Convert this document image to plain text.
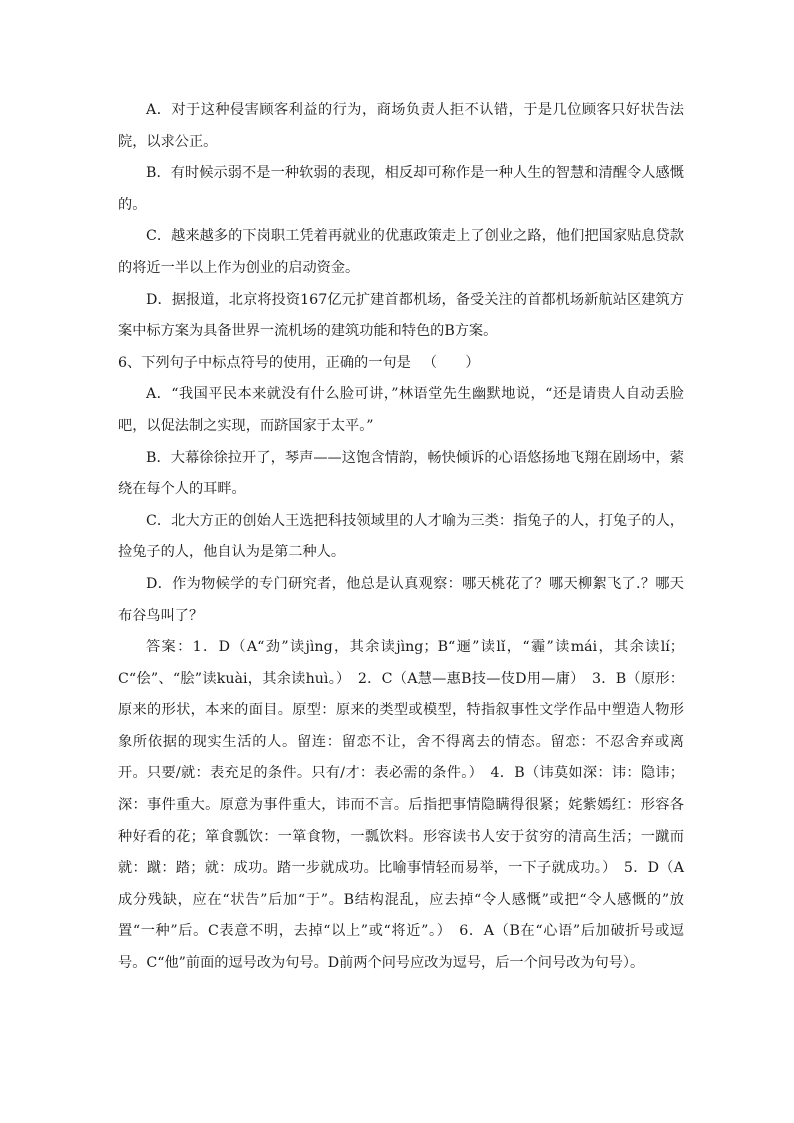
A．对于这种侵害顾客利益的行为，商场负责人拒不认错，于是几位顾客只好状告法院，以求公正。

B．有时候示弱不是一种软弱的表现，相反却可称作是一种人生的智慧和清醒令人感慨的。

C．越来越多的下岗职工凭着再就业的优惠政策走上了创业之路，他们把国家贴息贷款的将近一半以上作为创业的启动资金。

D．据报道，北京将投资167亿元扩建首都机场，备受关注的首都机场新航站区建筑方案中标方案为具备世界一流机场的建筑功能和特色的B方案。

6、下列句子中标点符号的使用，正确的一句是 （　　）

A．“我国平民本来就没有什么脸可讲，”林语堂先生幽默地说，“还是请贵人自动丢脸吧，以促法制之实现，而跻国家于太平。”

B．大幕徐徐拉开了，琴声——这饱含情韵，畅快倾诉的心语悠扬地飞翔在剧场中，萦绕在每个人的耳畔。

C．北大方正的创始人王选把科技领域里的人才喻为三类：指兔子的人，打兔子的人，捡兔子的人，他自认为是第二种人。

D．作为物候学的专门研究者，他总是认真观察：哪天桃花了？哪天柳絮飞了.？哪天布谷鸟叫了？

答案：1．D（A“劲”读jìng，其余读jìng；B“逦”读lǐ，“霾”读mái，其余读lí；C“侩”、“脍”读kuài，其余读huì。）　2．C（A慧—惠B技—伎D用—庸）　3．B（原形：原来的形状，本来的面目。原型：原来的类型或模型，特指叙事性文学作品中塑造人物形象所依据的现实生活的人。留连：留恋不让，舍不得离去的情态。留恋：不忍舍弃或离开。只要/就：表充足的条件。只有/才：表必需的条件。）　4．B（讳莫如深：讳：隐讳；深：事件重大。原意为事件重大，讳而不言。后指把事情隐瞒得很紧；姹紫嫣红：形容各种好看的花；箪食瓢饮：一箪食物，一瓢饮料。形容读书人安于贫穷的清高生活；一蹴而就：蹴：踏；就：成功。踏一步就成功。比喻事情轻而易举，一下子就成功。）　5．D（A成分残缺，应在“状告”后加“于”。B结构混乱，应去掉“令人感慨”或把“令人感慨的”放置“一种”后。C表意不明，去掉“以上”或“将近”。）　6．A（B在“心语”后加破折号或逗号。C“他”前面的逗号改为句号。D前两个问号应改为逗号，后一个问号改为句号）。
